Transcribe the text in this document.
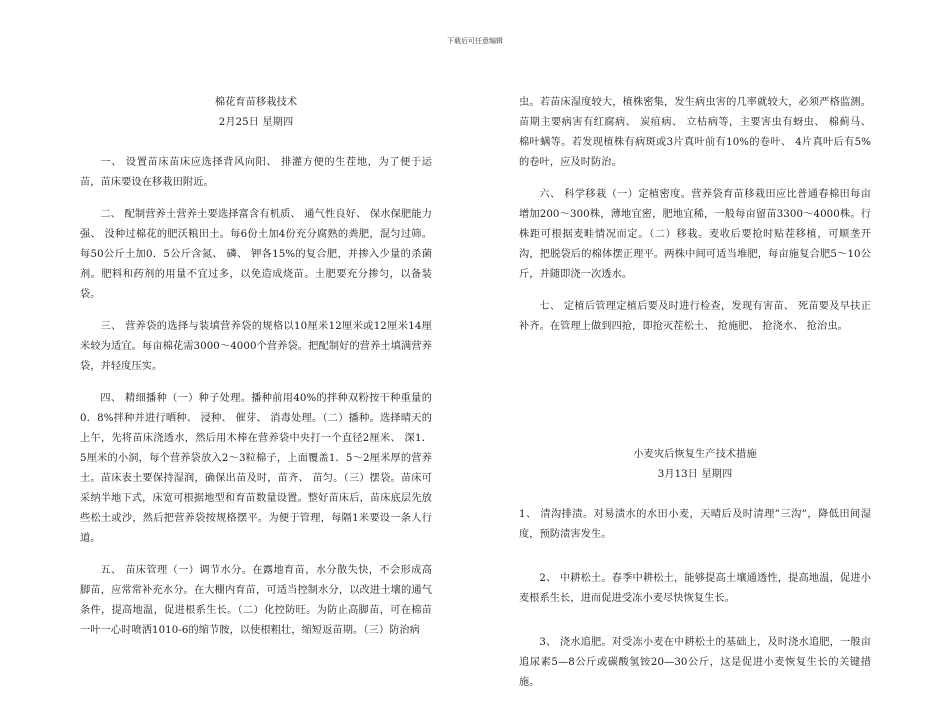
下载后可任意编辑
棉花育苗移栽技术
2月25日 星期四

一、 设置苗床苗床应选择背风向阳、 排灌方便的生茬地，为了便于运苗，苗床要设在移栽田附近。

二、 配制营养土营养土要选择富含有机质、 通气性良好、 保水保肥能力强、 没种过棉花的肥沃粮田土。每6份土加4份充分腐熟的粪肥，混匀过筛。每50公斤土加0．5公斤含氮、 磷、 钾各15%的复合肥，并掺入少量的杀菌剂。肥料和药剂的用量不宜过多，以免造成烧苗。土肥要充分掺匀，以备装袋。

三、 营养袋的选择与装填营养袋的规格以10厘米12厘米或12厘米14厘米较为适宜。每亩棉花需3000～4000个营养袋。把配制好的营养土填满营养袋，并轻度压实。

四、 精细播种（一）种子处理。播种前用40%的拌种双粉按干种重量的0．8%拌种并进行晒种、 浸种、 催芽、 消毒处理。（二）播种。选择晴天的上午，先将苗床浇透水，然后用木棒在营养袋中央打一个直径2厘米、 深1．5厘米的小洞，每个营养袋放入2～3粒棉子，上面覆盖1．5～2厘米厚的营养土。苗床表土要保持湿润，确保出苗及时，苗齐、 苗匀。（三）摆袋。苗床可采纳半地下式，床宽可根据地型和育苗数量设置。整好苗床后，苗床底层先放些松土或沙，然后把营养袋按规格摆平。为便于管理，每隔1米要设一条人行道。

五、 苗床管理（一）调节水分。在露地育苗，水分散失快，不会形成高脚苗，应常常补充水分。在大棚内育苗，可适当控制水分，以改进土壤的通气条件，提高地温，促进根系生长。（二）化控防旺。为防止高脚苗，可在棉苗一叶一心时喷洒1010-6的缩节胺，以使根粗壮，缩短返苗期。（三）防治病

虫。若苗床湿度较大，植株密集，发生病虫害的几率就较大，必须严格监测。苗期主要病害有红腐病、 炭疽病、 立枯病等，主要害虫有蚜虫、 棉蓟马、 棉叶螨等。若发现植株有病斑或3片真叶前有10%的卷叶、 4片真叶后有5%的卷叶，应及时防治。

六、 科学移栽（一）定植密度。营养袋育苗移栽田应比普通春棉田每亩增加200～300株，薄地宜密，肥地宜稀，一般每亩留苗3300～4000株。行株距可根据麦畦情况而定。（二）移栽。麦收后要抢时贴茬移植，可顺垄开沟，把脱袋后的棉体摆正理平。两株中间可适当堆肥，每亩施复合肥5～10公斤，并随即浇一次透水。

七、 定植后管理定植后要及时进行检查，发现有害苗、 死苗要及早扶正补齐。在管理上做到四抢，即抢灭茬松土、 抢施肥、 抢浇水、 抢治虫。

小麦灾后恢复生产技术措施
3月13日 星期四

1、 清沟排渍。对易渍水的水田小麦，天晴后及时清理”三沟”，降低田间湿度，预防渍害发生。

2、 中耕松土。春季中耕松土，能够提高土壤通透性，提高地温，促进小麦根系生长，进而促进受冻小麦尽快恢复生长。

3、 浇水追肥。对受冻小麦在中耕松土的基础上，及时浇水追肥，一般亩追尿素5—8公斤或碳酸氢铵20—30公斤，这是促进小麦恢复生长的关键措施。
